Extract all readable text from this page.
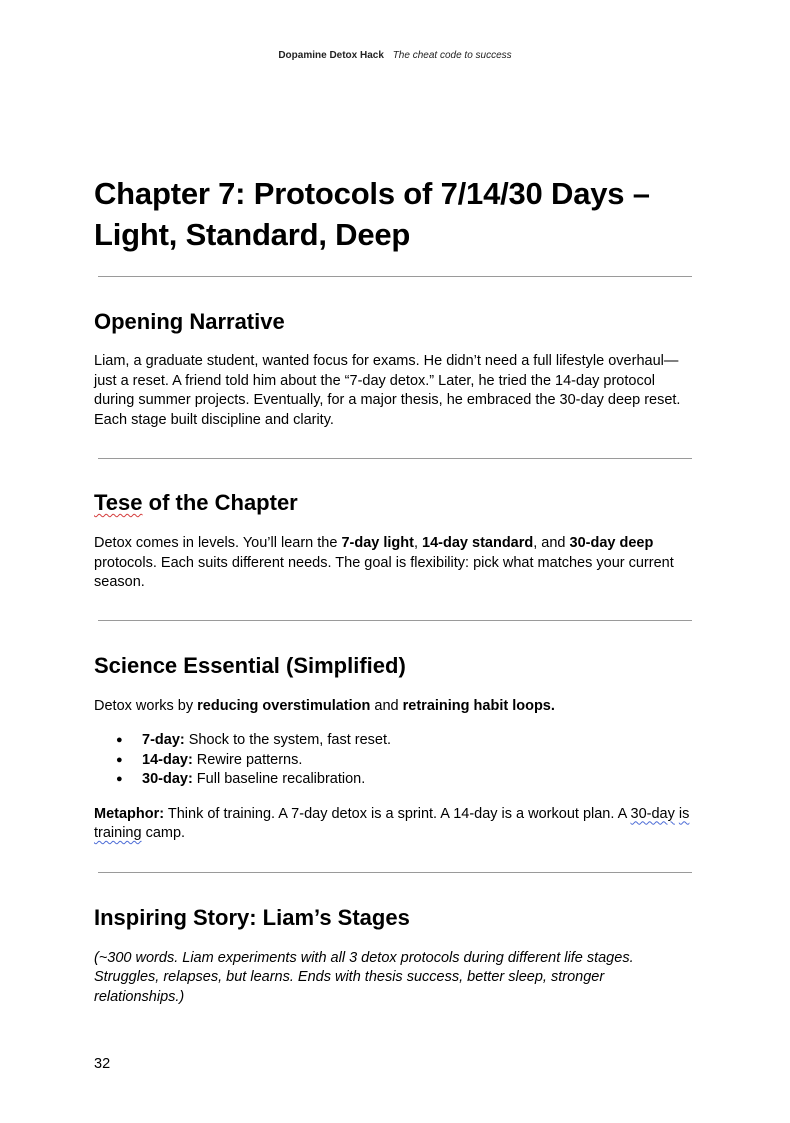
Dopamine Detox Hack The cheat code to success
Chapter 7: Protocols of 7/14/30 Days –
Light, Standard, Deep
Opening Narrative

Liam, a graduate student, wanted focus for exams. He didn’t need a full lifestyle overhaul—just a reset. A friend told him about the “7-day detox.” Later, he tried the 14-day protocol during summer projects. Eventually, for a major thesis, he embraced the 30-day deep reset. Each stage built discipline and clarity.

Tese of the Chapter

Detox comes in levels. You’ll learn the 7-day light, 14-day standard, and 30-day deep protocols. Each suits different needs. The goal is flexibility: pick what matches your current season.

Science Essential (Simplified)

Detox works by reducing overstimulation and retraining habit loops.

● 7-day: Shock to the system, fast reset.
● 14-day: Rewire patterns.
● 30-day: Full baseline recalibration.

Metaphor: Think of training. A 7-day detox is a sprint. A 14-day is a workout plan. A 30-day is training camp.

Inspiring Story: Liam’s Stages

(~300 words. Liam experiments with all 3 detox protocols during different life stages. Struggles, relapses, but learns. Ends with thesis success, better sleep, stronger relationships.)

32
